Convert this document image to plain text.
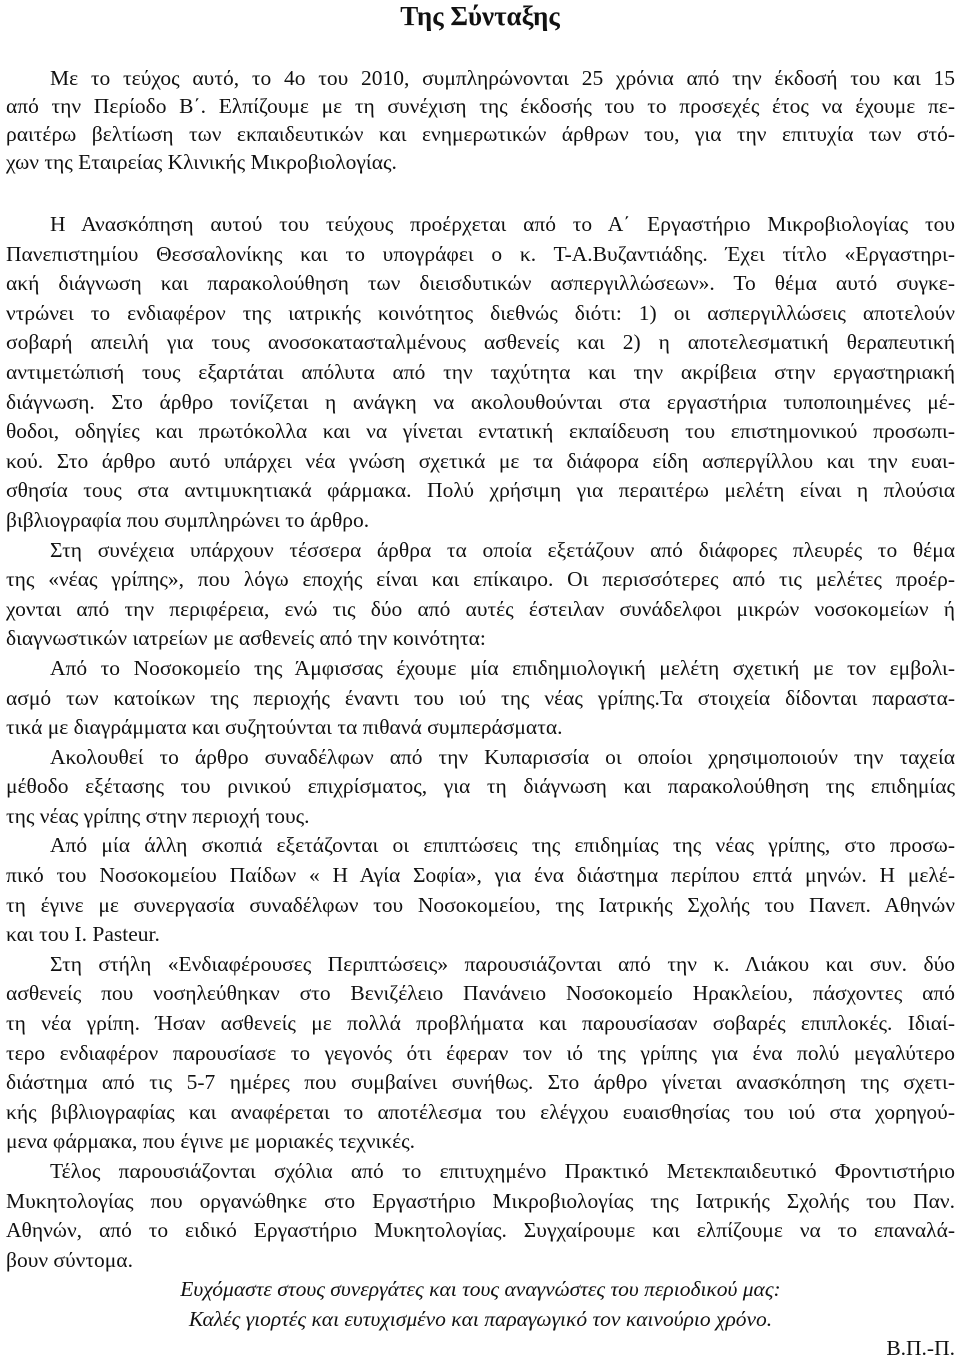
Της Σύνταξης
Με το τεύχος αυτό, το 4ο του 2010, συμπληρώνονται 25 χρόνια από την έκδοσή του και 15
από την Περίοδο Β΄. Ελπίζουμε με τη συνέχιση της έκδοσής του το προσεχές έτος να έχουμε πε-
ραιτέρω βελτίωση των εκπαιδευτικών και ενημερωτικών άρθρων του, για την επιτυχία των στό-
χων της Εταιρείας Κλινικής Μικροβιολογίας.
Η Ανασκόπηση αυτού του τεύχους προέρχεται από το Α΄ Εργαστήριο Μικροβιολογίας του
Πανεπιστημίου Θεσσαλονίκης και το υπογράφει ο κ. Τ-Α.Βυζαντιάδης. Έχει τίτλο «Εργαστηρι-
ακή διάγνωση και παρακολούθηση των διεισδυτικών ασπεργιλλώσεων». Το θέμα αυτό συγκε-
ντρώνει το ενδιαφέρον της ιατρικής κοινότητος διεθνώς διότι: 1) οι ασπεργιλλώσεις αποτελούν
σοβαρή απειλή για τους ανοσοκατασταλμένους ασθενείς και 2) η αποτελεσματική θεραπευτική
αντιμετώπισή τους εξαρτάται απόλυτα από την ταχύτητα και την ακρίβεια στην εργαστηριακή
διάγνωση. Στο άρθρο τονίζεται η ανάγκη να ακολουθούνται στα εργαστήρια τυποποιημένες μέ-
θοδοι, οδηγίες και πρωτόκολλα και να γίνεται εντατική εκπαίδευση του επιστημονικού προσωπι-
κού. Στο άρθρο αυτό υπάρχει νέα γνώση σχετικά με τα διάφορα είδη ασπεργίλλου και την ευαι-
σθησία τους στα αντιμυκητιακά φάρμακα. Πολύ χρήσιμη για περαιτέρω μελέτη είναι η πλούσια
βιβλιογραφία που συμπληρώνει το άρθρο.
Στη συνέχεια υπάρχουν τέσσερα άρθρα τα οποία εξετάζουν από διάφορες πλευρές το θέμα
της «νέας γρίπης», που λόγω εποχής είναι και επίκαιρο. Οι περισσότερες από τις μελέτες προέρ-
χονται από την περιφέρεια, ενώ τις δύο από αυτές έστειλαν συνάδελφοι μικρών νοσοκομείων ή
διαγνωστικών ιατρείων με ασθενείς από την κοινότητα:
Από το Νοσοκομείο της Άμφισσας έχουμε μία επιδημιολογική μελέτη σχετική με τον εμβολι-
ασμό των κατοίκων της περιοχής έναντι του ιού της νέας γρίπης.Τα στοιχεία δίδονται παραστα-
τικά με διαγράμματα και συζητούνται τα πιθανά συμπεράσματα.
Ακολουθεί το άρθρο συναδέλφων από την Κυπαρισσία οι οποίοι χρησιμοποιούν την ταχεία
μέθοδο εξέτασης του ρινικού επιχρίσματος, για τη διάγνωση και παρακολούθηση της επιδημίας
της νέας γρίπης στην περιοχή τους.
Από μία άλλη σκοπιά εξετάζονται οι επιπτώσεις της επιδημίας της νέας γρίπης, στο προσω-
πικό του Νοσοκομείου Παίδων « Η Αγία Σοφία», για ένα διάστημα περίπου επτά μηνών. Η μελέ-
τη έγινε με συνεργασία συναδέλφων του Νοσοκομείου, της Ιατρικής Σχολής του Πανεπ. Αθηνών
και του Ι. Pasteur.
Στη στήλη «Ενδιαφέρουσες Περιπτώσεις» παρουσιάζονται από την κ. Λιάκου και συν. δύο
ασθενείς που νοσηλεύθηκαν στο Βενιζέλειο Πανάνειο Νοσοκομείο Ηρακλείου, πάσχοντες από
τη νέα γρίπη. Ήσαν ασθενείς με πολλά προβλήματα και παρουσίασαν σοβαρές επιπλοκές. Ιδιαί-
τερο ενδιαφέρον παρουσίασε το γεγονός ότι έφεραν τον ιό της γρίπης για ένα πολύ μεγαλύτερο
διάστημα από τις 5-7 ημέρες που συμβαίνει συνήθως. Στο άρθρο γίνεται ανασκόπηση της σχετι-
κής βιβλιογραφίας και αναφέρεται το αποτέλεσμα του ελέγχου ευαισθησίας του ιού στα χορηγού-
μενα φάρμακα, που έγινε με μοριακές τεχνικές.
Τέλος παρουσιάζονται σχόλια από το επιτυχημένο Πρακτικό Μετεκπαιδευτικό Φροντιστήριο
Μυκητολογίας που οργανώθηκε στο Εργαστήριο Μικροβιολογίας της Ιατρικής Σχολής του Παν.
Αθηνών, από το ειδικό Εργαστήριο Μυκητολογίας. Συγχαίρουμε και ελπίζουμε να το επαναλά-
βουν σύντομα.
Ευχόμαστε στους συνεργάτες και τους αναγνώστες του περιοδικού μας:
Καλές γιορτές και ευτυχισμένο και παραγωγικό τον καινούριο χρόνο.
Β.Π.-Π.
